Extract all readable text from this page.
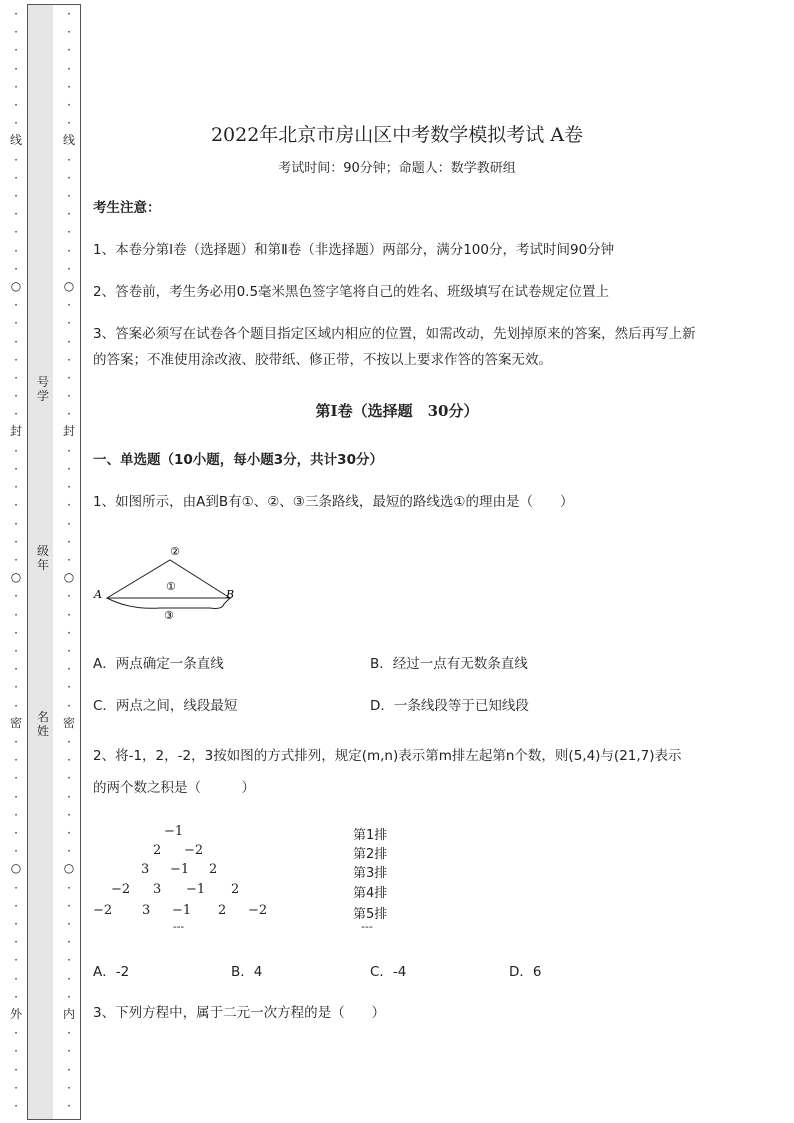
·
·
·
·
·
·
·
·
·
·
·
·
·
·
·
·
·
·
·
·
·
·
·
·
·
·
·
·
·
·
·
·
·
·
·
·
·
·
·
·
·
·
·
·
·
·
·
·
·
·
·
·
·
·
·
·
·
·
·
·
·
·
·
·
·
·
·
·
·
·
·
·
·
·
·
·
·
·
·
·
·
·
·
·
·
·
·
·
·
·
·
·
·
·
·
·
·
·
·
·
·
·
·
·
·
·
·
·
线
○
封
○
密
○
外
线
○
封
○
密
○
内
号学
级年
名姓
2022年北京市房山区中考数学模拟考试 A卷
考试时间：90分钟；命题人：数学教研组
考生注意：
1、本卷分第Ⅰ卷（选择题）和第Ⅱ卷（非选择题）两部分，满分100分，考试时间90分钟
2、答卷前，考生务必用0.5毫米黑色签字笔将自己的姓名、班级填写在试卷规定位置上
3、答案必须写在试卷各个题目指定区域内相应的位置，如需改动，先划掉原来的答案，然后再写上新
的答案；不准使用涂改液、胶带纸、修正带，不按以上要求作答的答案无效。
第Ⅰ卷（选择题　30分）
一、单选题（10小题，每小题3分，共计30分）
1、如图所示，由A到B有①、②、③三条路线，最短的路线选①的理由是（　　）
A	B
①
②
③
A．两点确定一条直线	B．经过一点有无数条直线
C．两点之间，线段最短	D．一条线段等于已知线段
2、将-1，2，-2，3按如图的方式排列，规定(m,n)表示第m排左起第n个数，则(5,4)与(21,7)表示
的两个数之积是（　　　）
−1
2 −2
3 −1 2
−2 3 −1 2
−2 3 −1 2 −2
---
第1排
第2排
第3排
第4排
第5排
---
A．-2	B．4	C．-4	D．6
3、下列方程中，属于二元一次方程的是（　　）
